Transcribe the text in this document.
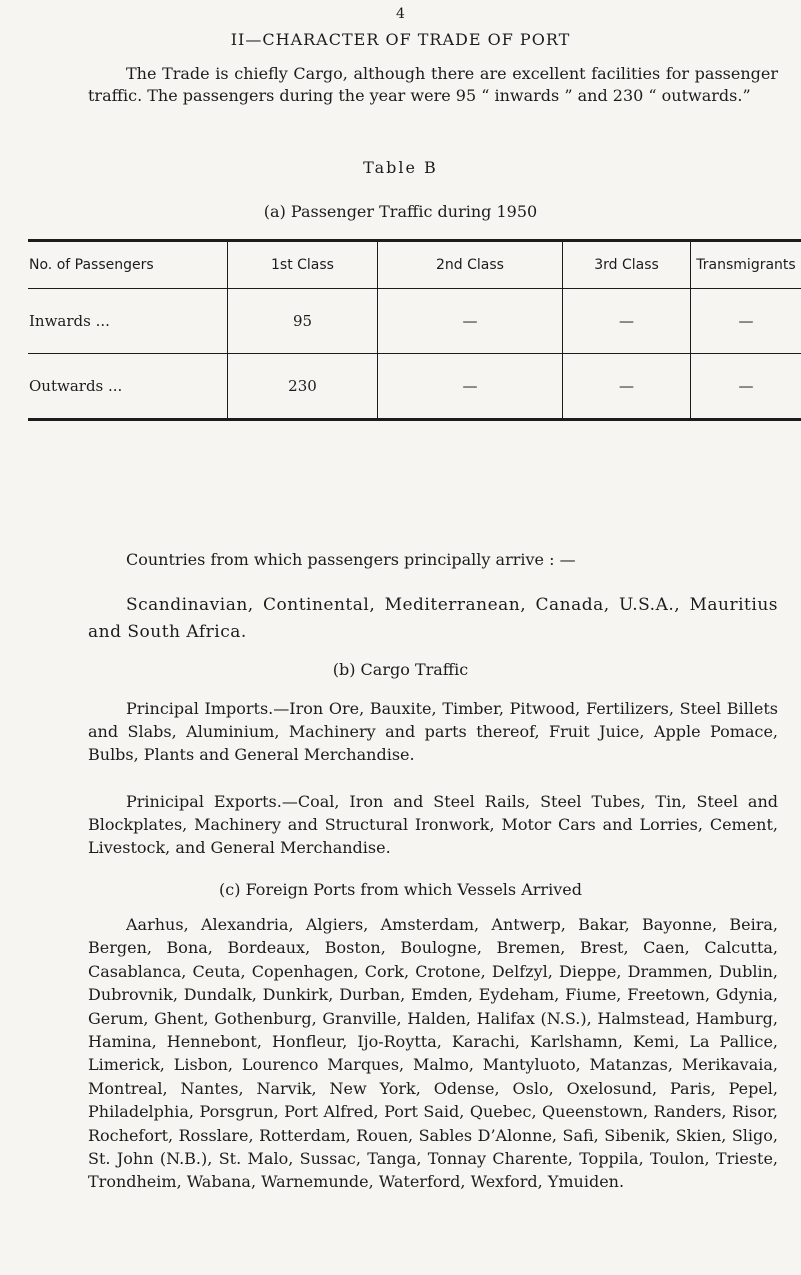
4
II—CHARACTER OF TRADE OF PORT
The Trade is chiefly Cargo, although there are excellent facilities for passenger traffic. The passengers during the year were 95 “ inwards ” and 230 “ outwards.”
Table B
(a) Passenger Traffic during 1950
No. of Passengers	1st Class	2nd Class	3rd Class	Transmigrants
Inwards ...	95	—	—	—
Outwards ...	230	—	—	—
Countries from which passengers principally arrive : —
Scandinavian, Continental, Mediterranean, Canada, U.S.A., Mauritius and South Africa.
(b) Cargo Traffic
Principal Imports.—Iron Ore, Bauxite, Timber, Pitwood, Fertilizers, Steel Billets and Slabs, Aluminium, Machinery and parts thereof, Fruit Juice, Apple Pomace, Bulbs, Plants and General Merchandise.
Prinicipal Exports.—Coal, Iron and Steel Rails, Steel Tubes, Tin, Steel and Blockplates, Machinery and Structural Ironwork, Motor Cars and Lorries, Cement, Livestock, and General Merchandise.
(c) Foreign Ports from which Vessels Arrived
Aarhus, Alexandria, Algiers, Amsterdam, Antwerp, Bakar, Bayonne, Beira, Bergen, Bona, Bordeaux, Boston, Boulogne, Bremen, Brest, Caen, Calcutta, Casablanca, Ceuta, Copenhagen, Cork, Crotone, Delfzyl, Dieppe, Drammen, Dublin, Dubrovnik, Dundalk, Dunkirk, Durban, Emden, Eydeham, Fiume, Freetown, Gdynia, Gerum, Ghent, Gothenburg, Granville, Halden, Halifax (N.S.), Halmstead, Hamburg, Hamina, Hennebont, Honfleur, Ijo-Roytta, Karachi, Karlshamn, Kemi, La Pallice, Limerick, Lisbon, Lourenco Marques, Malmo, Mantyluoto, Matanzas, Merikavaia, Montreal, Nantes, Narvik, New York, Odense, Oslo, Oxelosund, Paris, Pepel, Philadelphia, Porsgrun, Port Alfred, Port Said, Quebec, Queenstown, Randers, Risor, Rochefort, Rosslare, Rotterdam, Rouen, Sables D’Alonne, Safi, Sibenik, Skien, Sligo, St. John (N.B.), St. Malo, Sussac, Tanga, Tonnay Charente, Toppila, Toulon, Trieste, Trondheim, Wabana, Warnemunde, Waterford, Wexford, Ymuiden.
